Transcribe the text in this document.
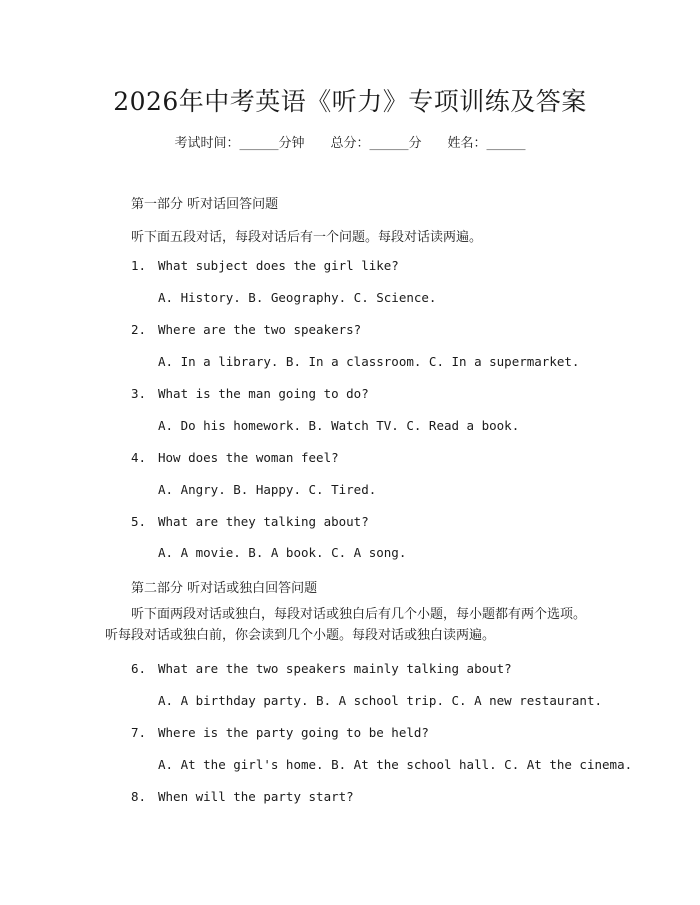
2026年中考英语《听力》专项训练及答案
考试时间：______分钟 总分：______分 姓名：______
第一部分 听对话回答问题
听下面五段对话，每段对话后有一个问题。每段对话读两遍。
1. What subject does the girl like?
A. History. B. Geography. C. Science.
2. Where are the two speakers?
A. In a library. B. In a classroom. C. In a supermarket.
3. What is the man going to do?
A. Do his homework. B. Watch TV. C. Read a book.
4. How does the woman feel?
A. Angry. B. Happy. C. Tired.
5. What are they talking about?
A. A movie. B. A book. C. A song.
第二部分 听对话或独白回答问题
听下面两段对话或独白，每段对话或独白后有几个小题，每小题都有两个选项。听每段对话或独白前，你会读到几个小题。每段对话或独白读两遍。
6. What are the two speakers mainly talking about?
A. A birthday party. B. A school trip. C. A new restaurant.
7. Where is the party going to be held?
A. At the girl's home. B. At the school hall. C. At the cinema.
8. When will the party start?
